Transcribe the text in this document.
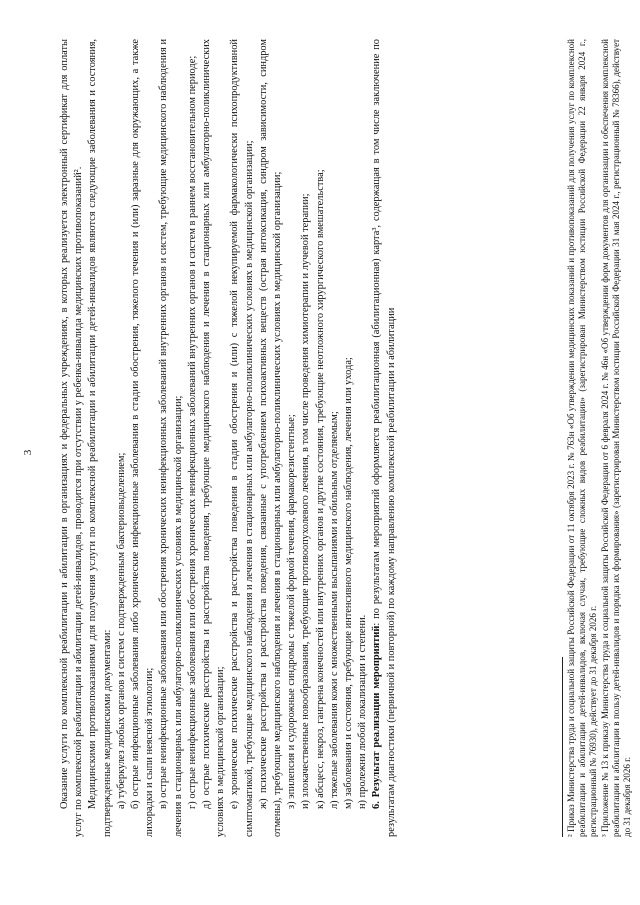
3 Оказание услуги по комплексной реабилитации и абилитации в организациях и федеральных учреждениях, в которых реализуется электронный сертификат для оплаты услуг по комплексной реабилитации и абилитации детей-инвалидов, проводится при отсутствии у ребенка-инвалида медицинских противопоказаний². Медицинскими противопоказаниями для получения услуги по комплексной реабилитации и абилитации детей-инвалидов являются следующие заболевания и состояния, подтвержденные медицинскими документами: а) туберкулез любых органов и систем с подтвержденным бактериовыделением; б) острые инфекционные заболевания либо хронические инфекционные заболевания в стадии обострения, тяжелого течения и (или) заразные для окружающих, а также лихорадки и сыпи неясной этиологии; в) острые неинфекционные заболевания или обострения хронических неинфекционных заболеваний внутренних органов и систем, требующие медицинского наблюдения и лечения в стационарных или амбулаторно-поликлинических условиях в медицинской организации; г) острые неинфекционные заболевания или обострения хронических неинфекционных заболеваний внутренних органов и систем в раннем восстановительном периоде; д) острые психические расстройства и расстройства поведения, требующие медицинского наблюдения и лечения в стационарных или амбулаторно-поликлинических условиях в медицинской организации; е) хронические психические расстройства и расстройства поведения в стадии обострения и (или) с тяжелой некупируемой фармакологически психопродуктивной симптоматикой, требующие медицинского наблюдения и лечения в стационарных или амбулаторно-поликлинических условиях в медицинской организации; ж) психические расстройства и расстройства поведения, связанные с употреблением психоактивных веществ (острая интоксикация, синдром зависимости, синдром отмены), требующие медицинского наблюдения и лечения в стационарных или амбулаторно-поликлинических условиях в медицинской организации; з) эпилепсия и судорожные синдромы с тяжелой формой течения, фармакорезистентные; и) злокачественные новообразования, требующие противоопухолевого лечения, в том числе проведения химиотерапии и лучевой терапии; к) абсцесс, некроз, гангрена конечностей или внутренних органов и другие состояния, требующие неотложного хирургического вмешательства; л) тяжелые заболевания кожи с множественными высыпаниями и обильным отделяемым; м) заболевания и состояния, требующие интенсивного медицинского наблюдения, лечения или ухода; н) пролежни любой локализации и степени. 6. Результат реализации мероприятий: по результатам мероприятий оформляется реабилитационная (абилитационная) карта³, содержащая в том числе заключение по результатам диагностики (первичной и повторной) по каждому направлению комплексной реабилитации и абилитации	² Приказ Министерства труда и социальной защиты Российской Федерации от 11 октября 2023 г. № 763н «Об утверждении медицинских показаний и противопоказаний для получения услуг по комплексной реабилитации и абилитации детей-инвалидов, включая случаи, требующие сложных видов реабилитации» (зарегистрирован Министерством юстиции Российской Федерации 22 января 2024 г., регистрационный № 76930), действует до 31 декабря 2026 г. ³ Приложение № 13 к приказу Министерства труда и социальной защиты Российской Федерации от 6 февраля 2024 г. № 46н «Об утверждении форм документов для организации и обеспечения комплексной реабилитации и абилитации в пользу детей-инвалидов и порядка их формирования» (зарегистрирован Министерством юстиции Российской Федерации 31 мая 2024 г., регистрационный № 78366), действует до 31 декабря 2026 г.
